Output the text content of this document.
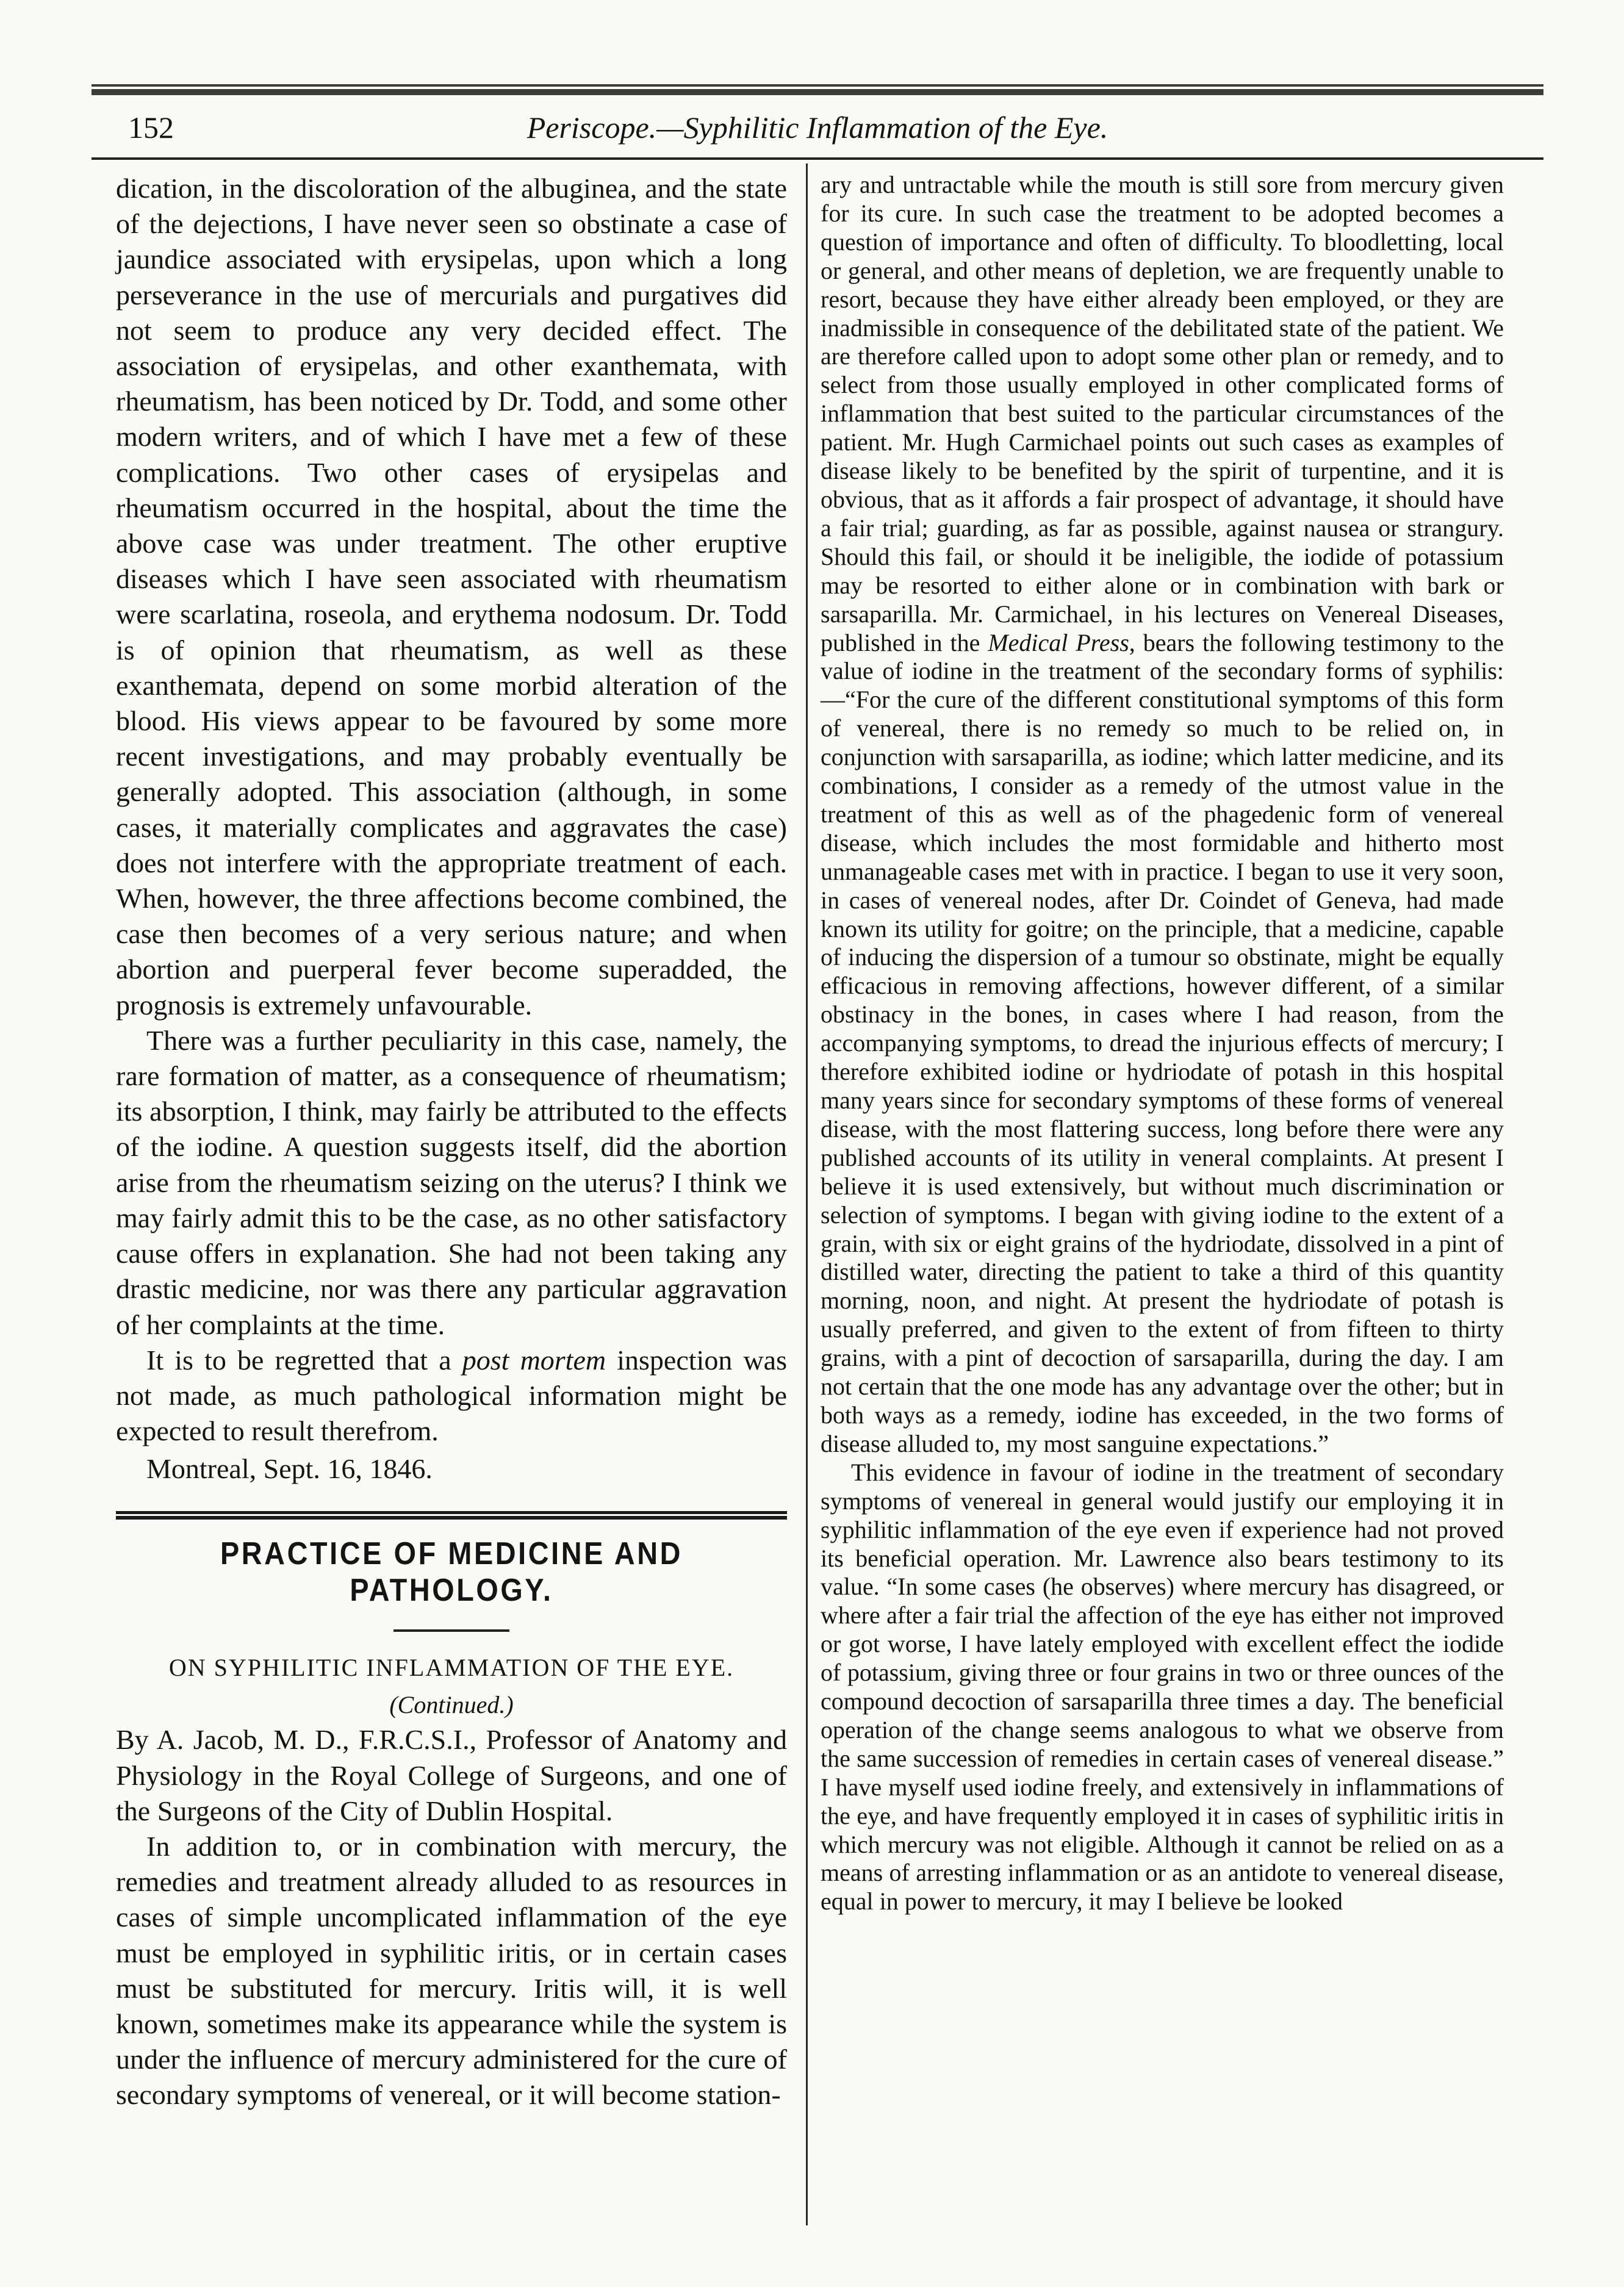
152	Periscope.—Syphilitic Inflammation of the Eye.

dication, in the discoloration of the albuginea, and the state of the dejections, I have never seen so obstinate a case of jaundice associated with erysipelas, upon which a long perseverance in the use of mercurials and purgatives did not seem to produce any very decided effect. The association of erysipelas, and other exanthemata, with rheumatism, has been noticed by Dr. Todd, and some other modern writers, and of which I have met a few of these complications. Two other cases of erysipelas and rheumatism occurred in the hospital, about the time the above case was under treatment. The other eruptive diseases which I have seen associated with rheumatism were scarlatina, roseola, and erythema nodosum. Dr. Todd is of opinion that rheumatism, as well as these exanthemata, depend on some morbid alteration of the blood. His views appear to be favoured by some more recent investigations, and may probably eventually be generally adopted. This association (although, in some cases, it materially complicates and aggravates the case) does not interfere with the appropriate treatment of each. When, however, the three affections become combined, the case then becomes of a very serious nature; and when abortion and puerperal fever become superadded, the prognosis is extremely unfavourable.

There was a further peculiarity in this case, namely, the rare formation of matter, as a consequence of rheumatism; its absorption, I think, may fairly be attributed to the effects of the iodine. A question suggests itself, did the abortion arise from the rheumatism seizing on the uterus? I think we may fairly admit this to be the case, as no other satisfactory cause offers in explanation. She had not been taking any drastic medicine, nor was there any particular aggravation of her complaints at the time.

It is to be regretted that a post mortem inspection was not made, as much pathological information might be expected to result therefrom.

Montreal, Sept. 16, 1846.
PRACTICE OF MEDICINE AND PATHOLOGY.
ON SYPHILITIC INFLAMMATION OF THE EYE.
(Continued.)

By A. Jacob, M. D., F.R.C.S.I., Professor of Anatomy and Physiology in the Royal College of Surgeons, and one of the Surgeons of the City of Dublin Hospital.

In addition to, or in combination with mercury, the remedies and treatment already alluded to as resources in cases of simple uncomplicated inflammation of the eye must be employed in syphilitic iritis, or in certain cases must be substituted for mercury. Iritis will, it is well known, sometimes make its appearance while the system is under the influence of mercury administered for the cure of secondary symptoms of venereal, or it will become station-

ary and untractable while the mouth is still sore from mercury given for its cure. In such case the treatment to be adopted becomes a question of importance and often of difficulty. To bloodletting, local or general, and other means of depletion, we are frequently unable to resort, because they have either already been employed, or they are inadmissible in consequence of the debilitated state of the patient. We are therefore called upon to adopt some other plan or remedy, and to select from those usually employed in other complicated forms of inflammation that best suited to the particular circumstances of the patient. Mr. Hugh Carmichael points out such cases as examples of disease likely to be benefited by the spirit of turpentine, and it is obvious, that as it affords a fair prospect of advantage, it should have a fair trial; guarding, as far as possible, against nausea or strangury. Should this fail, or should it be ineligible, the iodide of potassium may be resorted to either alone or in combination with bark or sarsaparilla. Mr. Carmichael, in his lectures on Venereal Diseases, published in the Medical Press, bears the following testimony to the value of iodine in the treatment of the secondary forms of syphilis:—“For the cure of the different constitutional symptoms of this form of venereal, there is no remedy so much to be relied on, in conjunction with sarsaparilla, as iodine; which latter medicine, and its combinations, I consider as a remedy of the utmost value in the treatment of this as well as of the phagedenic form of venereal disease, which includes the most formidable and hitherto most unmanageable cases met with in practice. I began to use it very soon, in cases of venereal nodes, after Dr. Coindet of Geneva, had made known its utility for goitre; on the principle, that a medicine, capable of inducing the dispersion of a tumour so obstinate, might be equally efficacious in removing affections, however different, of a similar obstinacy in the bones, in cases where I had reason, from the accompanying symptoms, to dread the injurious effects of mercury; I therefore exhibited iodine or hydriodate of potash in this hospital many years since for secondary symptoms of these forms of venereal disease, with the most flattering success, long before there were any published accounts of its utility in veneral complaints. At present I believe it is used extensively, but without much discrimination or selection of symptoms. I began with giving iodine to the extent of a grain, with six or eight grains of the hydriodate, dissolved in a pint of distilled water, directing the patient to take a third of this quantity morning, noon, and night. At present the hydriodate of potash is usually preferred, and given to the extent of from fifteen to thirty grains, with a pint of decoction of sarsaparilla, during the day. I am not certain that the one mode has any advantage over the other; but in both ways as a remedy, iodine has exceeded, in the two forms of disease alluded to, my most sanguine expectations.”

This evidence in favour of iodine in the treatment of secondary symptoms of venereal in general would justify our employing it in syphilitic inflammation of the eye even if experience had not proved its beneficial operation. Mr. Lawrence also bears testimony to its value. “In some cases (he observes) where mercury has disagreed, or where after a fair trial the affection of the eye has either not improved or got worse, I have lately employed with excellent effect the iodide of potassium, giving three or four grains in two or three ounces of the compound decoction of sarsaparilla three times a day. The beneficial operation of the change seems analogous to what we observe from the same succession of remedies in certain cases of venereal disease.” I have myself used iodine freely, and extensively in inflammations of the eye, and have frequently employed it in cases of syphilitic iritis in which mercury was not eligible. Although it cannot be relied on as a means of arresting inflammation or as an antidote to venereal disease, equal in power to mercury, it may I believe be looked
